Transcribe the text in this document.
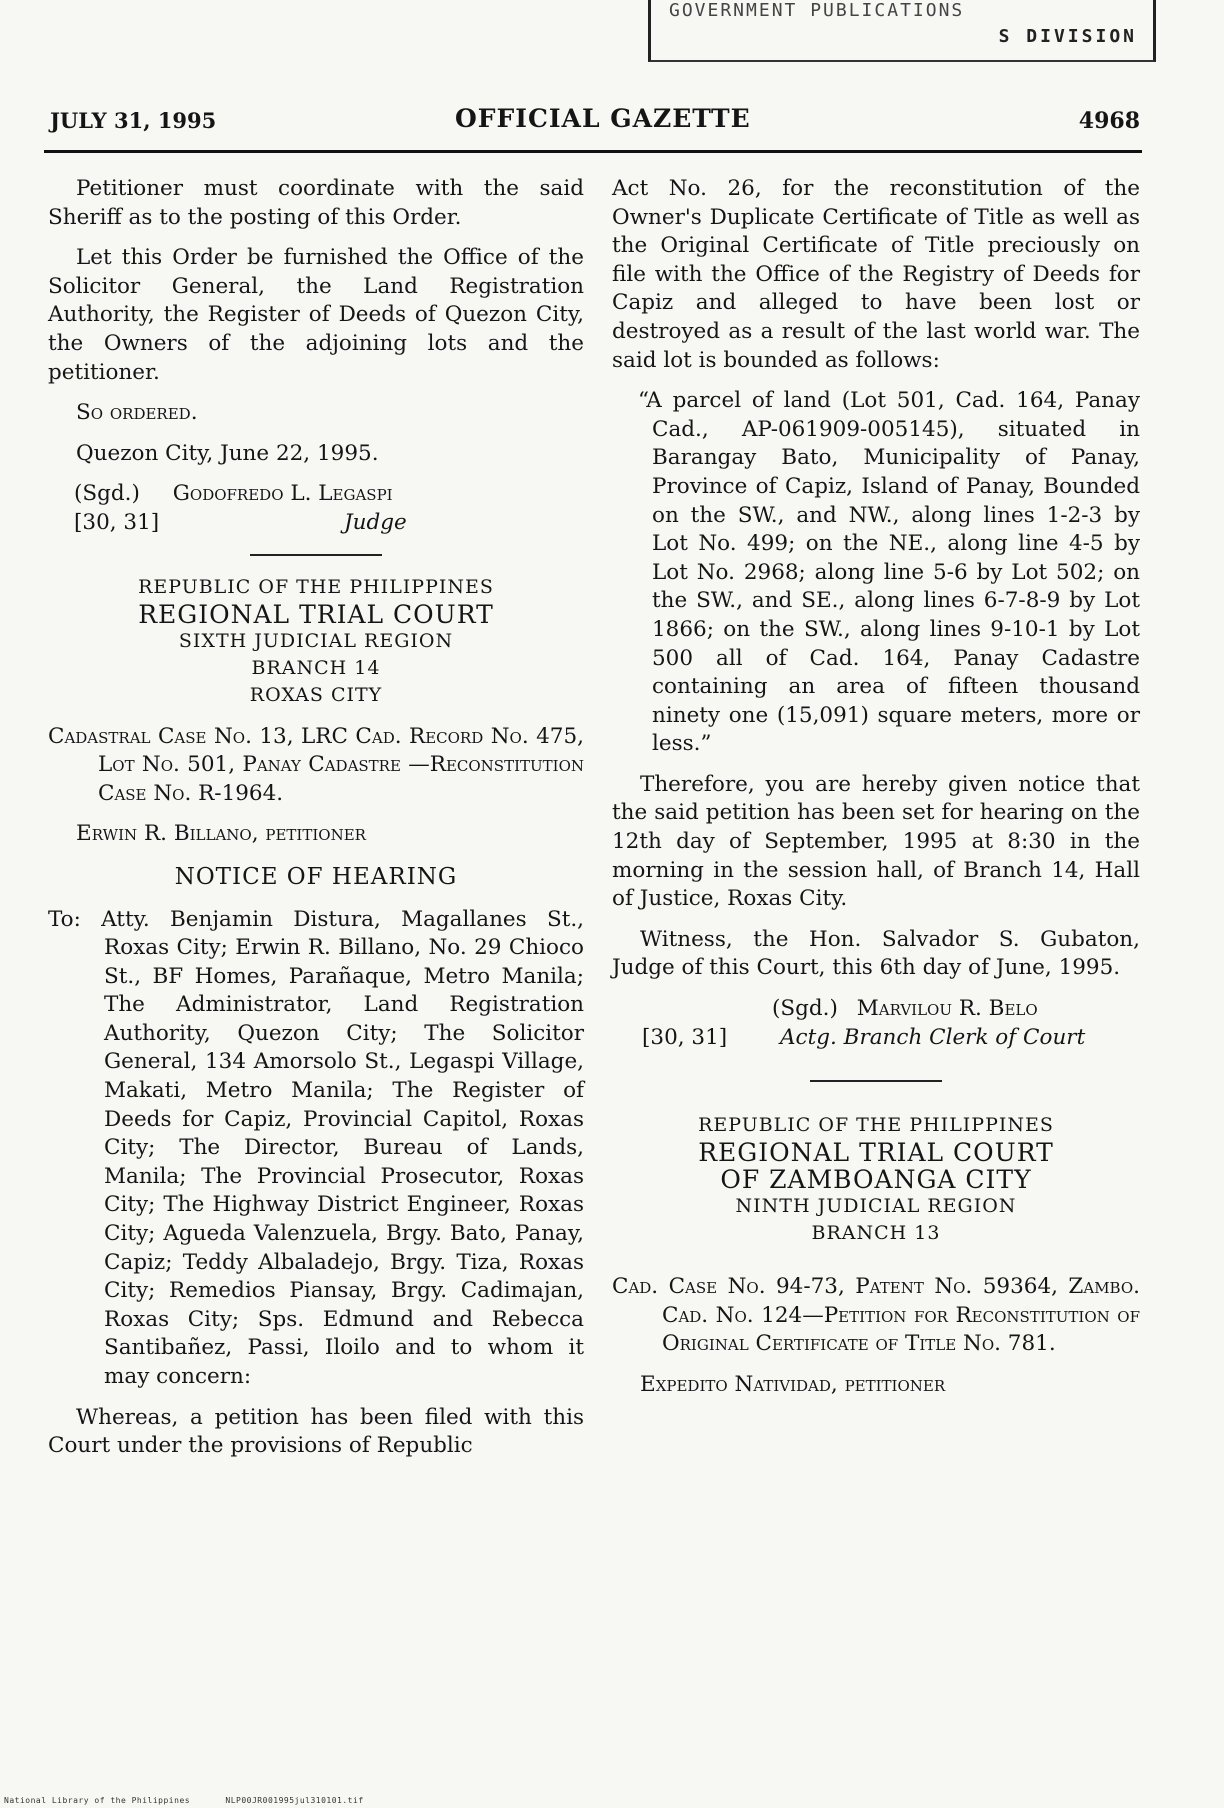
GOVERNMENT PUBLICATIONS
S DIVISION
JULY 31, 1995	OFFICIAL GAZETTE	4968

Petitioner must coordinate with the said Sheriff as to the posting of this Order.

Let this Order be furnished the Office of the Solicitor General, the Land Registration Authority, the Register of Deeds of Quezon City, the Owners of the adjoining lots and the petitioner.

So ordered.

Quezon City, June 22, 1995.

(Sgd.) Godofredo L. Legaspi
[30, 31]	Judge
REPUBLIC OF THE PHILIPPINES
REGIONAL TRIAL COURT
SIXTH JUDICIAL REGION
BRANCH 14
ROXAS CITY

Cadastral Case No. 13, LRC Cad. Record No. 475, Lot No. 501, Panay Cadastre —Reconstitution Case No. R-1964.

Erwin R. Billano, petitioner

NOTICE OF HEARING

To: Atty. Benjamin Distura, Magallanes St., Roxas City; Erwin R. Billano, No. 29 Chioco St., BF Homes, Parañaque, Metro Manila; The Administrator, Land Registration Authority, Quezon City; The Solicitor General, 134 Amorsolo St., Legaspi Village, Makati, Metro Manila; The Register of Deeds for Capiz, Provincial Capitol, Roxas City; The Director, Bureau of Lands, Manila; The Provincial Prosecutor, Roxas City; The Highway District Engineer, Roxas City; Agueda Valenzuela, Brgy. Bato, Panay, Capiz; Teddy Albaladejo, Brgy. Tiza, Roxas City; Remedios Piansay, Brgy. Cadimajan, Roxas City; Sps. Edmund and Rebecca Santibañez, Passi, Iloilo and to whom it may concern:

Whereas, a petition has been filed with this Court under the provisions of Republic

Act No. 26, for the reconstitution of the Owner's Duplicate Certificate of Title as well as the Original Certificate of Title preciously on file with the Office of the Registry of Deeds for Capiz and alleged to have been lost or destroyed as a result of the last world war. The said lot is bounded as follows:

“A parcel of land (Lot 501, Cad. 164, Panay Cad., AP-061909-005145), situated in Barangay Bato, Municipality of Panay, Province of Capiz, Island of Panay, Bounded on the SW., and NW., along lines 1-2-3 by Lot No. 499; on the NE., along line 4-5 by Lot No. 2968; along line 5-6 by Lot 502; on the SW., and SE., along lines 6-7-8-9 by Lot 1866; on the SW., along lines 9-10-1 by Lot 500 all of Cad. 164, Panay Cadastre containing an area of fifteen thousand ninety one (15,091) square meters, more or less.”

Therefore, you are hereby given notice that the said petition has been set for hearing on the 12th day of September, 1995 at 8:30 in the morning in the session hall, of Branch 14, Hall of Justice, Roxas City.

Witness, the Hon. Salvador S. Gubaton, Judge of this Court, this 6th day of June, 1995.

(Sgd.) Marvilou R. Belo
[30, 31] Actg. Branch Clerk of Court
REPUBLIC OF THE PHILIPPINES
REGIONAL TRIAL COURT
OF ZAMBOANGA CITY
NINTH JUDICIAL REGION
BRANCH 13

Cad. Case No. 94-73, Patent No. 59364, Zambo. Cad. No. 124—Petition for Reconstitution of Original Certificate of Title No. 781.

Expedito Natividad, petitioner

National Library of the Philippines	NLP00JR001995jul310101.tif
